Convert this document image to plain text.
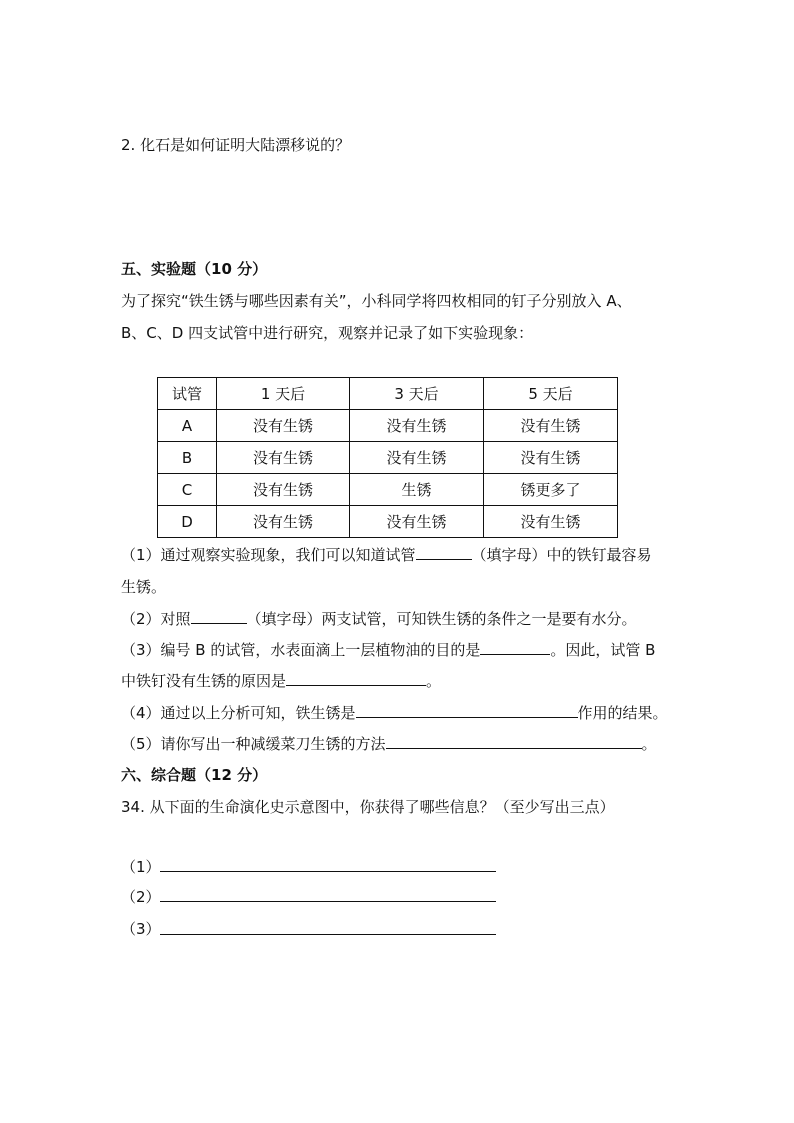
2. 化石是如何证明大陆漂移说的？
五、实验题（10 分）
为了探究“铁生锈与哪些因素有关”，小科同学将四枚相同的钉子分别放入 A、
B、C、D 四支试管中进行研究，观察并记录了如下实验现象：
试管	1 天后	3 天后	5 天后
A	没有生锈	没有生锈	没有生锈
B	没有生锈	没有生锈	没有生锈
C	没有生锈	生锈	锈更多了
D	没有生锈	没有生锈	没有生锈
（1）通过观察实验现象，我们可以知道试管	（填字母）中的铁钉最容易
生锈。
（2）对照	（填字母）两支试管，可知铁生锈的条件之一是要有水分。
（3）编号 B 的试管，水表面滴上一层植物油的目的是	。因此，试管 B
中铁钉没有生锈的原因是	。
（4）通过以上分析可知，铁生锈是	作用的结果。
（5）请你写出一种减缓菜刀生锈的方法	。
六、综合题（12 分）
34. 从下面的生命演化史示意图中，你获得了哪些信息？（至少写出三点）
（1）
（2）
（3）
